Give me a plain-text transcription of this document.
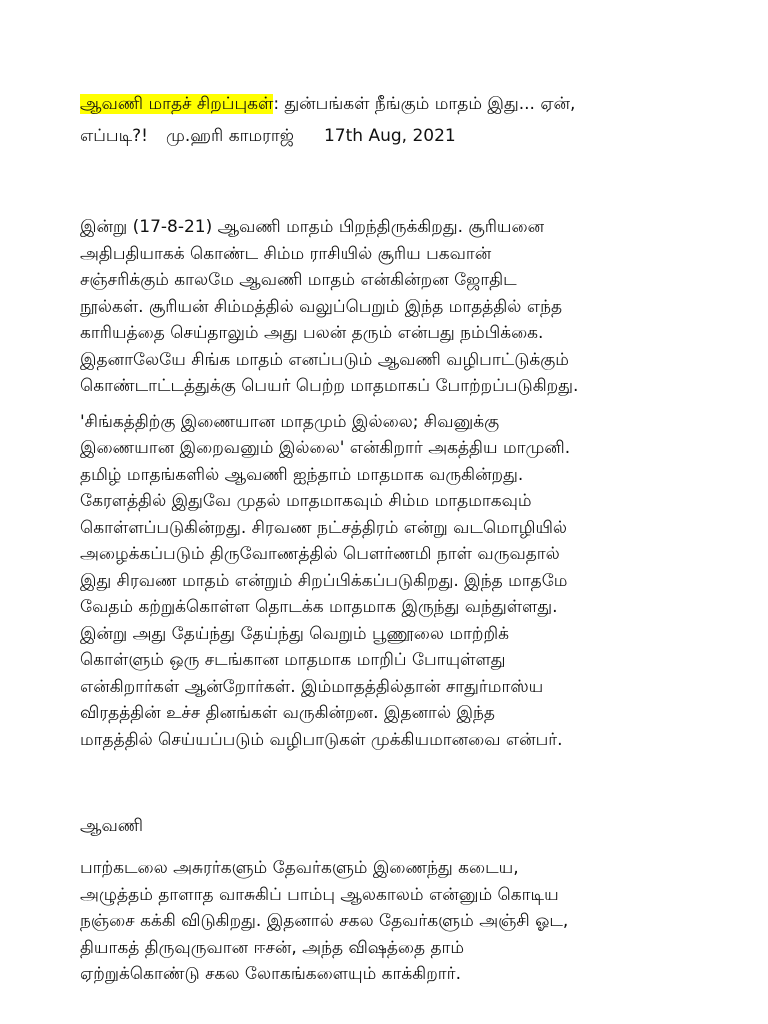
ஆவணி மாதச் சிறப்புகள்: துன்பங்கள் நீங்கும் மாதம் இது... ஏன்,
எப்படி?! மு.ஹரி காமராஜ் 17th Aug, 2021

இன்று (17-8-21) ஆவணி மாதம் பிறந்திருக்கிறது. சூரியனை
அதிபதியாகக் கொண்ட சிம்ம ராசியில் சூரிய பகவான்
சஞ்சரிக்கும் காலமே ஆவணி மாதம் என்கின்றன ஜோதிட
நூல்கள். சூரியன் சிம்மத்தில் வலுப்பெறும் இந்த மாதத்தில் எந்த
காரியத்தை செய்தாலும் அது பலன் தரும் என்பது நம்பிக்கை.
இதனாலேயே சிங்க மாதம் எனப்படும் ஆவணி வழிபாட்டுக்கும்
கொண்டாட்டத்துக்கு பெயர் பெற்ற மாதமாகப் போற்றப்படுகிறது.

'சிங்கத்திற்கு இணையான மாதமும் இல்லை; சிவனுக்கு
இணையான இறைவனும் இல்லை' என்கிறார் அகத்திய மாமுனி.
தமிழ் மாதங்களில் ஆவணி ஐந்தாம் மாதமாக வருகின்றது.
கேரளத்தில் இதுவே முதல் மாதமாகவும் சிம்ம மாதமாகவும்
கொள்ளப்படுகின்றது. சிரவண நட்சத்திரம் என்று வடமொழியில்
அழைக்கப்படும் திருவோணத்தில் பௌர்ணமி நாள் வருவதால்
இது சிரவண மாதம் என்றும் சிறப்பிக்கப்படுகிறது. இந்த மாதமே
வேதம் கற்றுக்கொள்ள தொடக்க மாதமாக இருந்து வந்துள்ளது.
இன்று அது தேய்ந்து தேய்ந்து வெறும் பூணூலை மாற்றிக்
கொள்ளும் ஒரு சடங்கான மாதமாக மாறிப் போயுள்ளது
என்கிறார்கள் ஆன்றோர்கள். இம்மாதத்தில்தான் சாதுர்மாஸ்ய
விரதத்தின் உச்ச தினங்கள் வருகின்றன. இதனால் இந்த
மாதத்தில் செய்யப்படும் வழிபாடுகள் முக்கியமானவை என்பர்.

ஆவணி

பாற்கடலை அசுரர்களும் தேவர்களும் இணைந்து கடைய,
அழுத்தம் தாளாத வாசுகிப் பாம்பு ஆலகாலம் என்னும் கொடிய
நஞ்சை கக்கி விடுகிறது. இதனால் சகல தேவர்களும் அஞ்சி ஓட,
தியாகத் திருவுருவான ஈசன், அந்த விஷத்தை தாம்
ஏற்றுக்கொண்டு சகல லோகங்களையும் காக்கிறார்.
